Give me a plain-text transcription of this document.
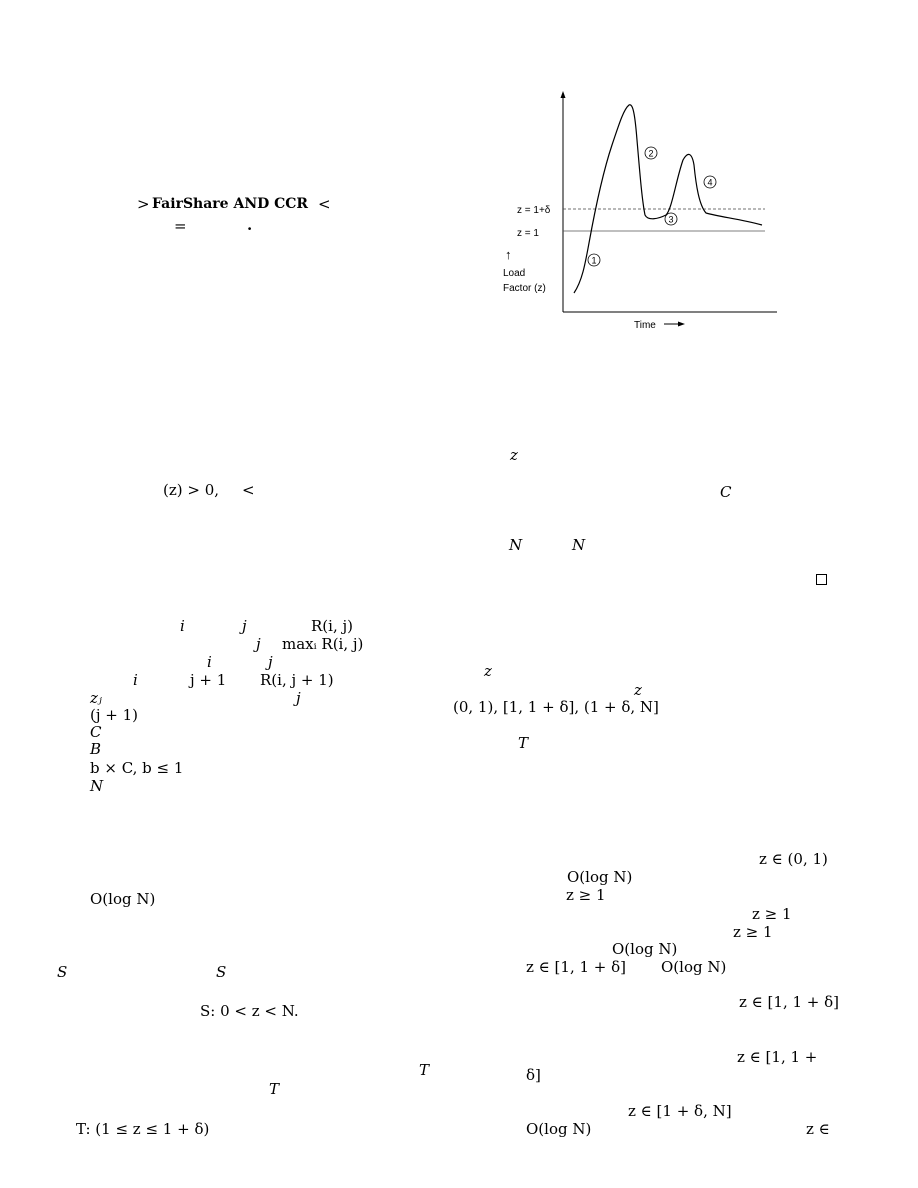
> FairShare AND CCR <
=	.
(z) > 0, <
i	j	R(i, j)
j maxᵢ R(i, j)
i	j
i	j + 1 R(i, j + 1)
j
zⱼ
(j + 1)
C
B
b × C, b ≤ 1
N
O(log N)
S	S
S: 0 < z < N.
T
T
T: (1 ≤ z ≤ 1 + δ)
z = 1+δ
z = 1
↑
Load
Factor (z)
Time
1
2
3
4
z
C
N	N
z
z
(0, 1), [1, 1 + δ], (1 + δ, N]
T
z ∈ (0, 1)
O(log N)
z ≥ 1
z ≥ 1
z ≥ 1
O(log N)
z ∈ [1, 1 + δ] O(log N)
z ∈ [1, 1 + δ]
z ∈ [1, 1 +
δ]
z ∈ [1 + δ, N]
O(log N)	z ∈
